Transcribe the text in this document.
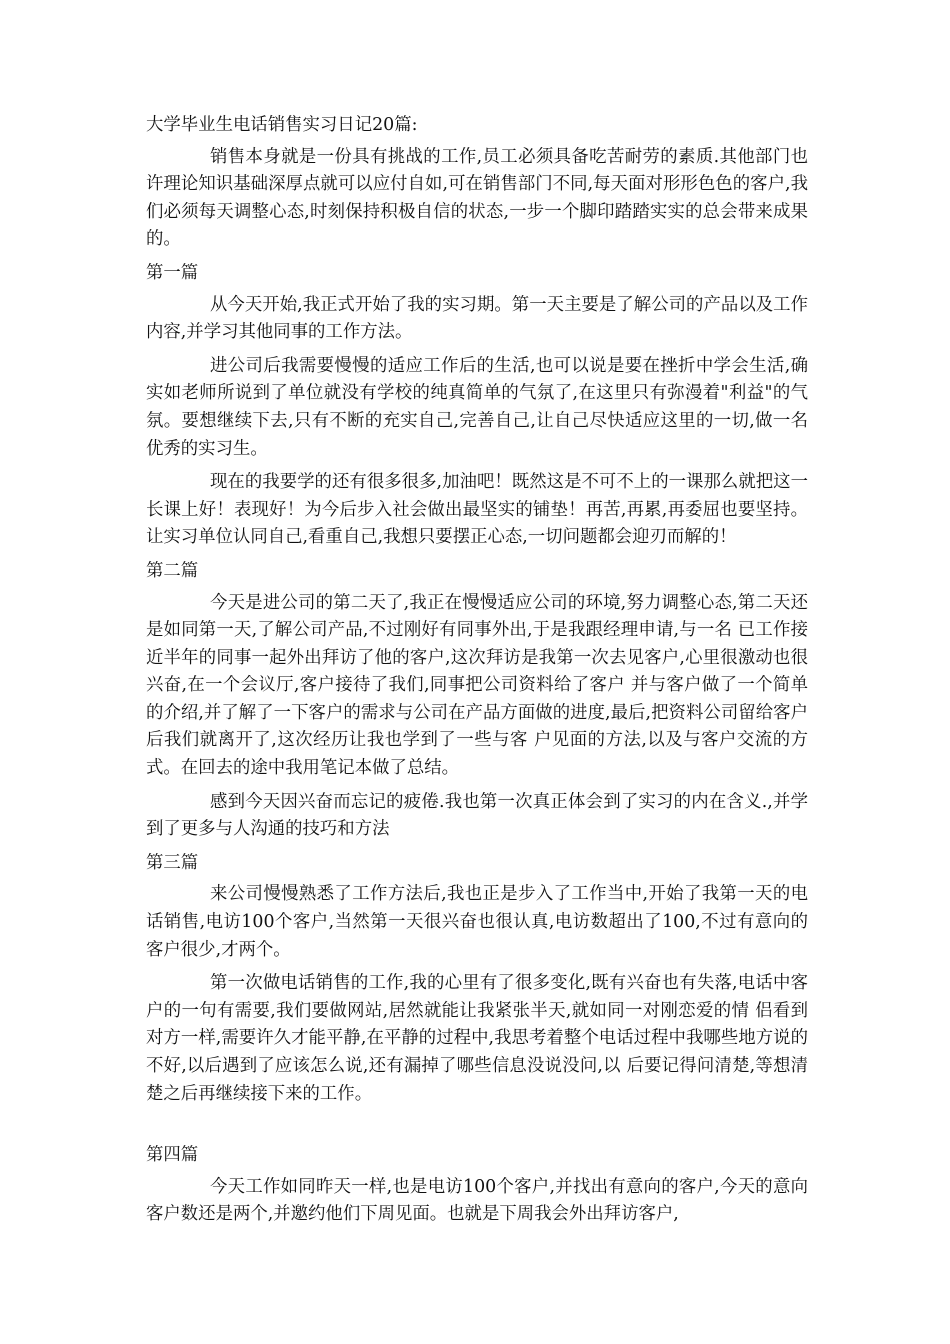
大学毕业生电话销售实习日记20篇:

销售本身就是一份具有挑战的工作,员工必须具备吃苦耐劳的素质.其他部门也许理论知识基础深厚点就可以应付自如,可在销售部门不同,每天面对形形色色的客户,我们必须每天调整心态,时刻保持积极自信的状态,一步一个脚印踏踏实实的总会带来成果的。

第一篇

从今天开始,我正式开始了我的实习期。第一天主要是了解公司的产品以及工作内容,并学习其他同事的工作方法。

进公司后我需要慢慢的适应工作后的生活,也可以说是要在挫折中学会生活,确实如老师所说到了单位就没有学校的纯真简单的气氛了,在这里只有弥漫着"利益"的气氛。要想继续下去,只有不断的充实自己,完善自己,让自己尽快适应这里的一切,做一名优秀的实习生。

现在的我要学的还有很多很多,加油吧！既然这是不可不上的一课那么就把这一长课上好！表现好！为今后步入社会做出最坚实的铺垫！再苦,再累,再委屈也要坚持。让实习单位认同自己,看重自己,我想只要摆正心态,一切问题都会迎刃而解的！

第二篇

今天是进公司的第二天了,我正在慢慢适应公司的环境,努力调整心态,第二天还是如同第一天,了解公司产品,不过刚好有同事外出,于是我跟经理申请,与一名 已工作接近半年的同事一起外出拜访了他的客户,这次拜访是我第一次去见客户,心里很激动也很兴奋,在一个会议厅,客户接待了我们,同事把公司资料给了客户 并与客户做了一个简单的介绍,并了解了一下客户的需求与公司在产品方面做的进度,最后,把资料公司留给客户后我们就离开了,这次经历让我也学到了一些与客 户见面的方法,以及与客户交流的方式。在回去的途中我用笔记本做了总结。

感到今天因兴奋而忘记的疲倦.我也第一次真正体会到了实习的内在含义.,并学到了更多与人沟通的技巧和方法

第三篇

来公司慢慢熟悉了工作方法后,我也正是步入了工作当中,开始了我第一天的电话销售,电访100个客户,当然第一天很兴奋也很认真,电访数超出了100,不过有意向的客户很少,才两个。

第一次做电话销售的工作,我的心里有了很多变化,既有兴奋也有失落,电话中客户的一句有需要,我们要做网站,居然就能让我紧张半天,就如同一对刚恋爱的情 侣看到对方一样,需要许久才能平静,在平静的过程中,我思考着整个电话过程中我哪些地方说的不好,以后遇到了应该怎么说,还有漏掉了哪些信息没说没问,以 后要记得问清楚,等想清楚之后再继续接下来的工作。

第四篇

今天工作如同昨天一样,也是电访100个客户,并找出有意向的客户,今天的意向客户数还是两个,并邀约他们下周见面。也就是下周我会外出拜访客户,
